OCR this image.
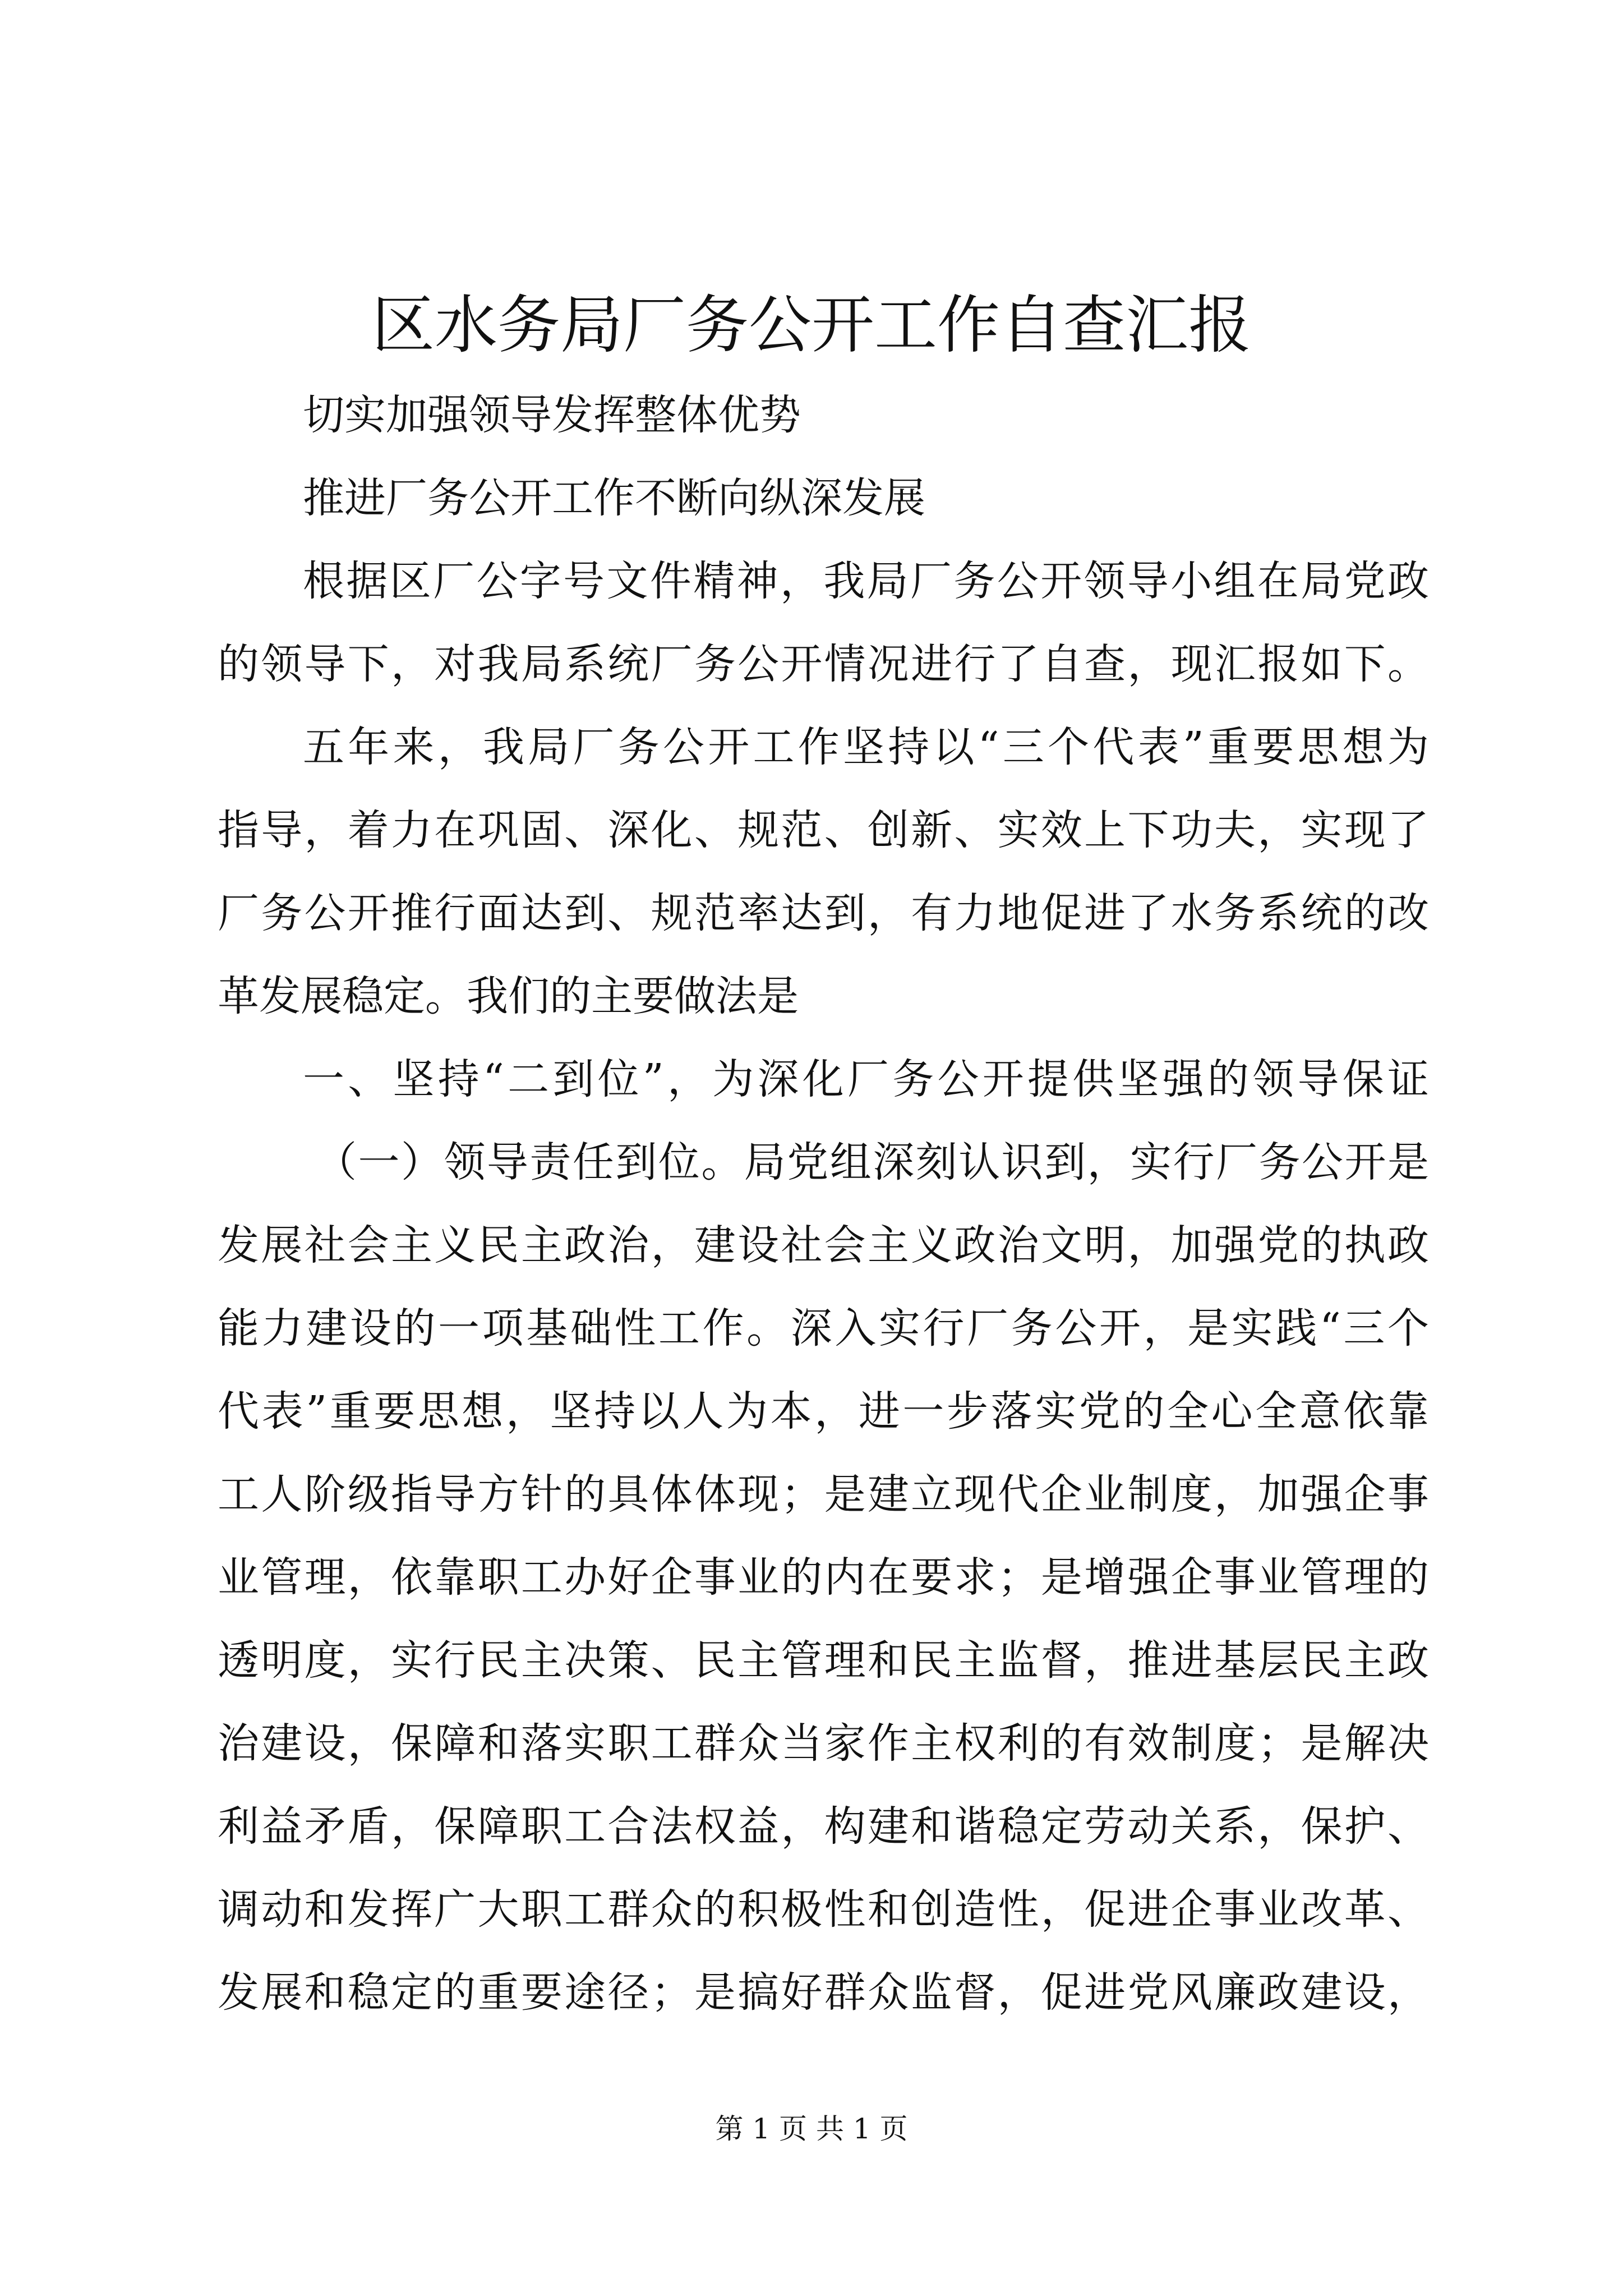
区水务局厂务公开工作自查汇报
切实加强领导发挥整体优势
推进厂务公开工作不断向纵深发展
根据区厂公字号文件精神，我局厂务公开领导小组在局党政
的领导下，对我局系统厂务公开情况进行了自查，现汇报如下。
五年来，我局厂务公开工作坚持以“三个代表”重要思想为
指导，着力在巩固、深化、规范、创新、实效上下功夫，实现了
厂务公开推行面达到、规范率达到，有力地促进了水务系统的改
革发展稳定。我们的主要做法是
一、坚持“二到位”，为深化厂务公开提供坚强的领导保证
（一）领导责任到位。局党组深刻认识到，实行厂务公开是
发展社会主义民主政治，建设社会主义政治文明，加强党的执政
能力建设的一项基础性工作。深入实行厂务公开，是实践“三个
代表”重要思想，坚持以人为本，进一步落实党的全心全意依靠
工人阶级指导方针的具体体现；是建立现代企业制度，加强企事
业管理，依靠职工办好企事业的内在要求；是增强企事业管理的
透明度，实行民主决策、民主管理和民主监督，推进基层民主政
治建设，保障和落实职工群众当家作主权利的有效制度；是解决
利益矛盾，保障职工合法权益，构建和谐稳定劳动关系，保护、
调动和发挥广大职工群众的积极性和创造性，促进企事业改革、
发展和稳定的重要途径；是搞好群众监督，促进党风廉政建设，
第 1 页 共 1 页
